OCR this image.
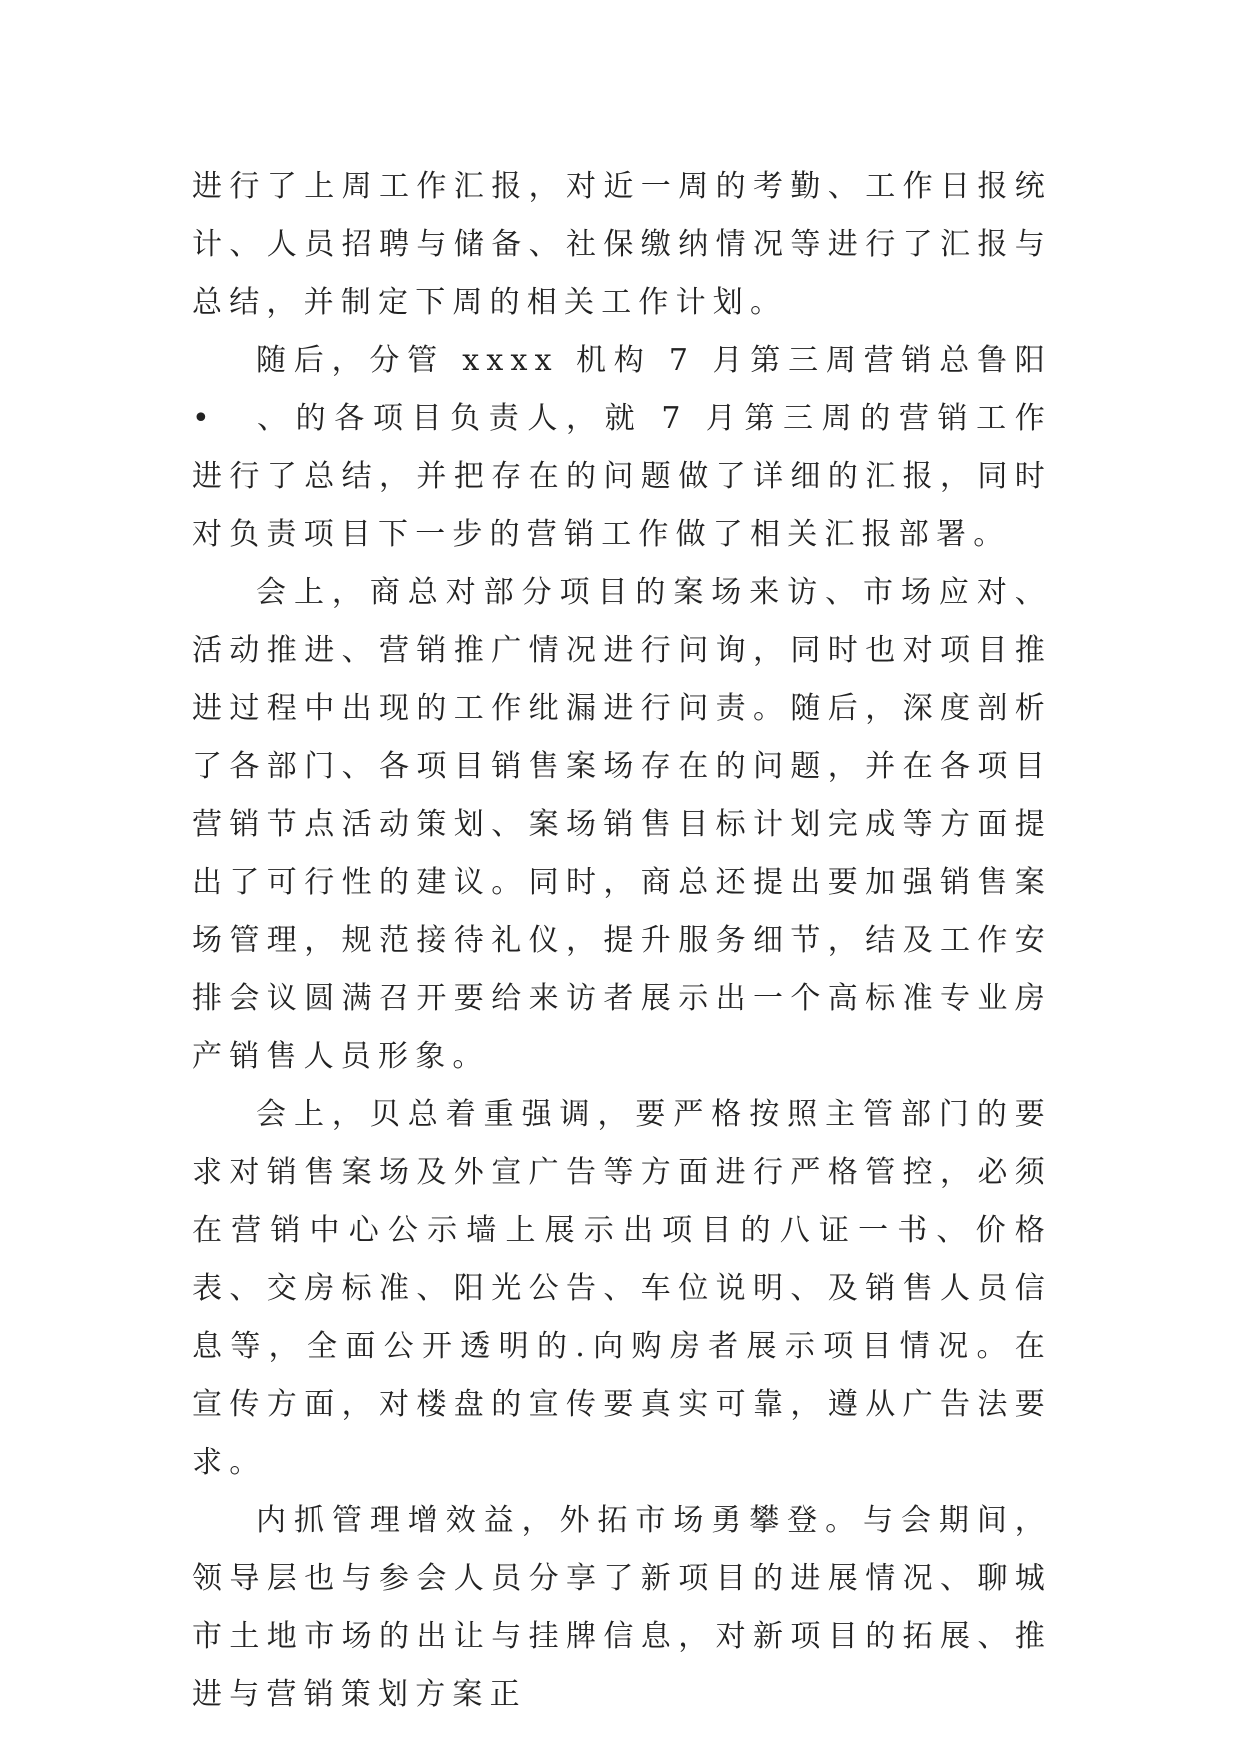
进行了上周工作汇报，对近一周的考勤、工作日报统计、人员招聘与储备、社保缴纳情况等进行了汇报与总结，并制定下周的相关工作计划。

随后，分管 xxxx 机构 7 月第三周营销总鲁阳•　、的各项目负责人，就 7 月第三周的营销工作进行了总结，并把存在的问题做了详细的汇报，同时对负责项目下一步的营销工作做了相关汇报部署。

会上，商总对部分项目的案场来访、市场应对、活动推进、营销推广情况进行问询，同时也对项目推进过程中出现的工作纰漏进行问责。随后，深度剖析了各部门、各项目销售案场存在的问题，并在各项目营销节点活动策划、案场销售目标计划完成等方面提出了可行性的建议。同时，商总还提出要加强销售案场管理，规范接待礼仪，提升服务细节，结及工作安排会议圆满召开要给来访者展示出一个高标准专业房产销售人员形象。

会上，贝总着重强调，要严格按照主管部门的要求对销售案场及外宣广告等方面进行严格管控，必须在营销中心公示墙上展示出项目的八证一书、价格表、交房标准、阳光公告、车位说明、及销售人员信息等，全面公开透明的.向购房者展示项目情况。在宣传方面，对楼盘的宣传要真实可靠，遵从广告法要求。

内抓管理增效益，外拓市场勇攀登。与会期间，领导层也与参会人员分享了新项目的进展情况、聊城市土地市场的出让与挂牌信息，对新项目的拓展、推进与营销策划方案正
